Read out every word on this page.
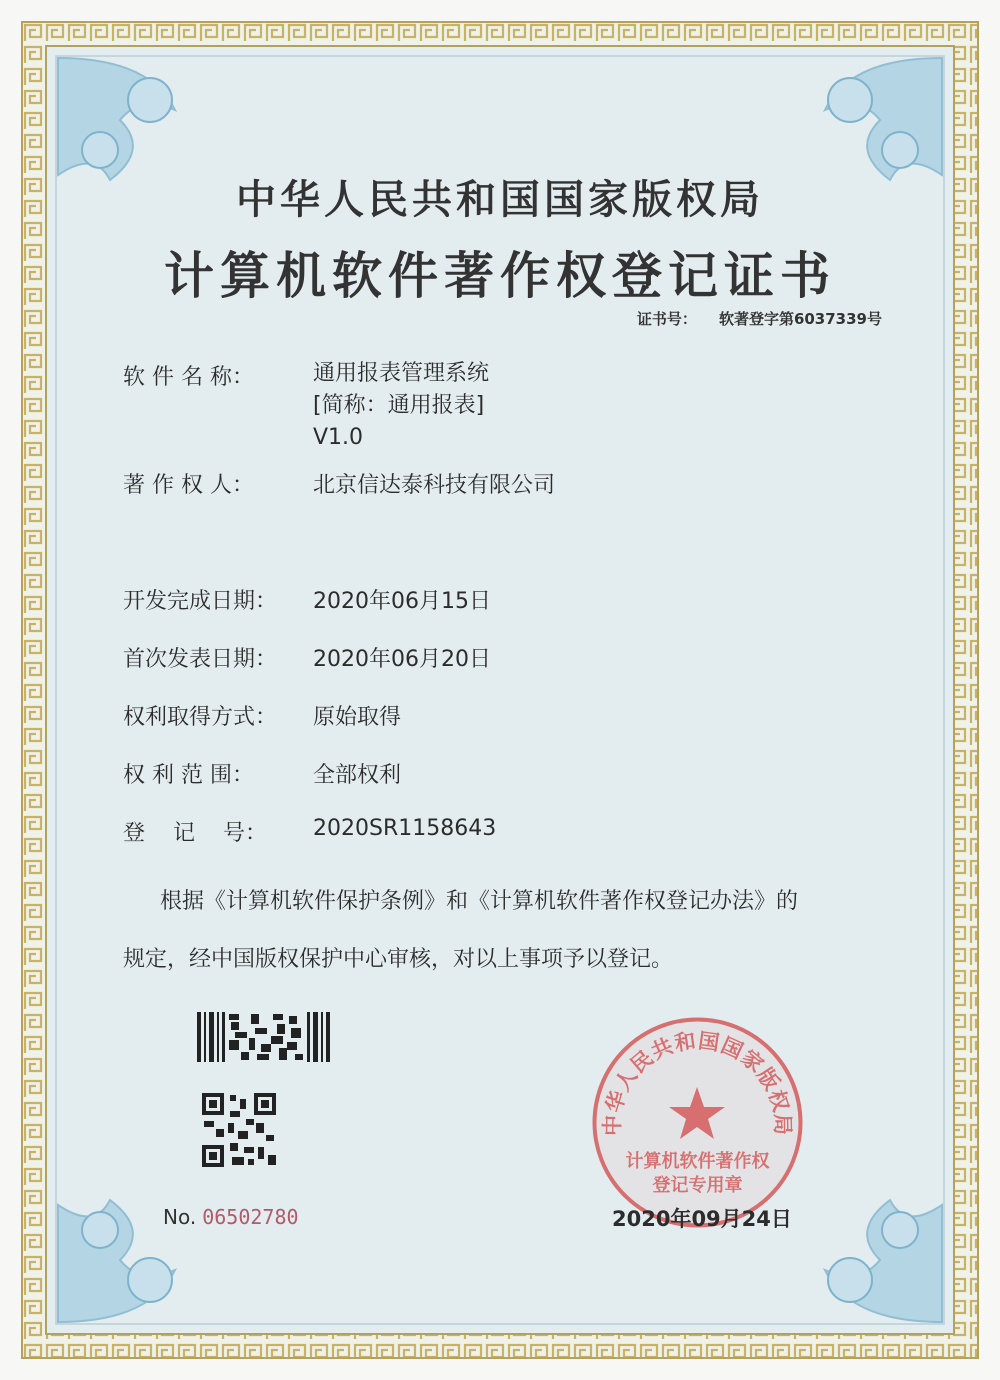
中华人民共和国国家版权局
计算机软件著作权登记证书
证书号： 软著登字第6037339号
软 件 名 称：	通用报表管理系统
[简称：通用报表]
V1.0
著 作 权 人：	北京信达泰科技有限公司
开发完成日期：	2020年06月15日
首次发表日期：	2020年06月20日
权利取得方式：	原始取得
权 利 范 围：	全部权利
登    记    号：	2020SR1158643
根据《计算机软件保护条例》和《计算机软件著作权登记办法》的
规定，经中国版权保护中心审核，对以上事项予以登记。
No. 06502780
中华人民共和国国家版权局
计算机软件著作权
登记专用章
2020年09月24日
